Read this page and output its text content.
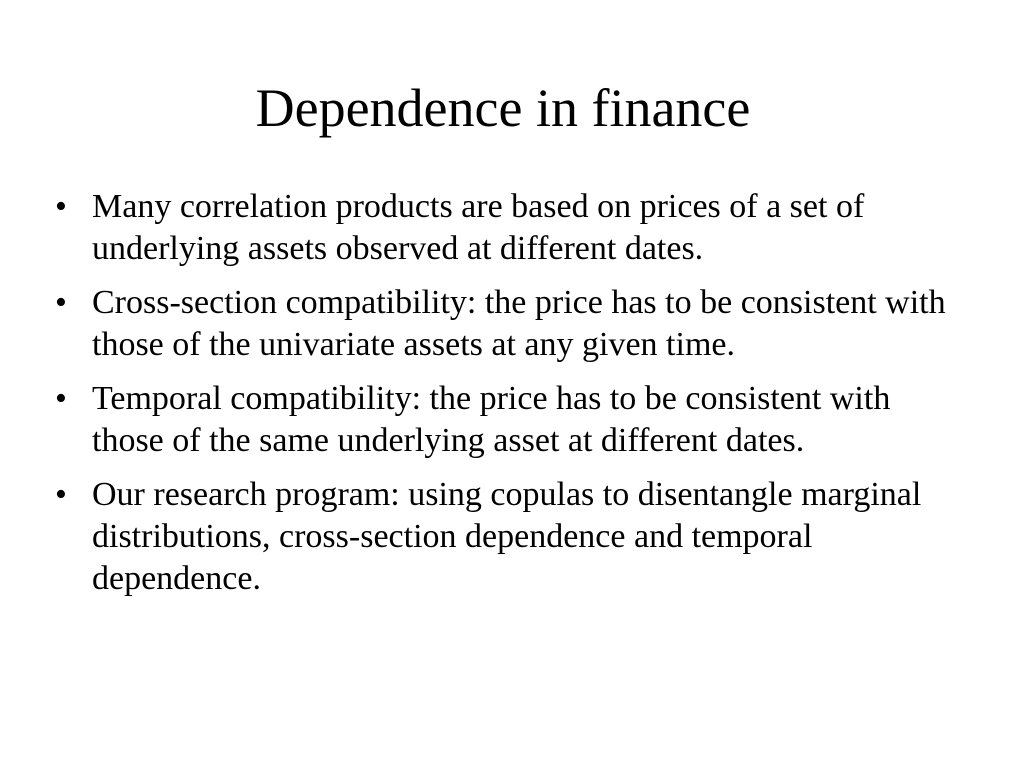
Dependence in finance
• Many correlation products are based on prices of a set of underlying assets observed at different dates.
• Cross-section compatibility: the price has to be consistent with those of the univariate assets at any given time.
• Temporal compatibility: the price has to be consistent with those of the same underlying asset at different dates.
• Our research program: using copulas to disentangle marginal distributions, cross-section dependence and temporal dependence.
